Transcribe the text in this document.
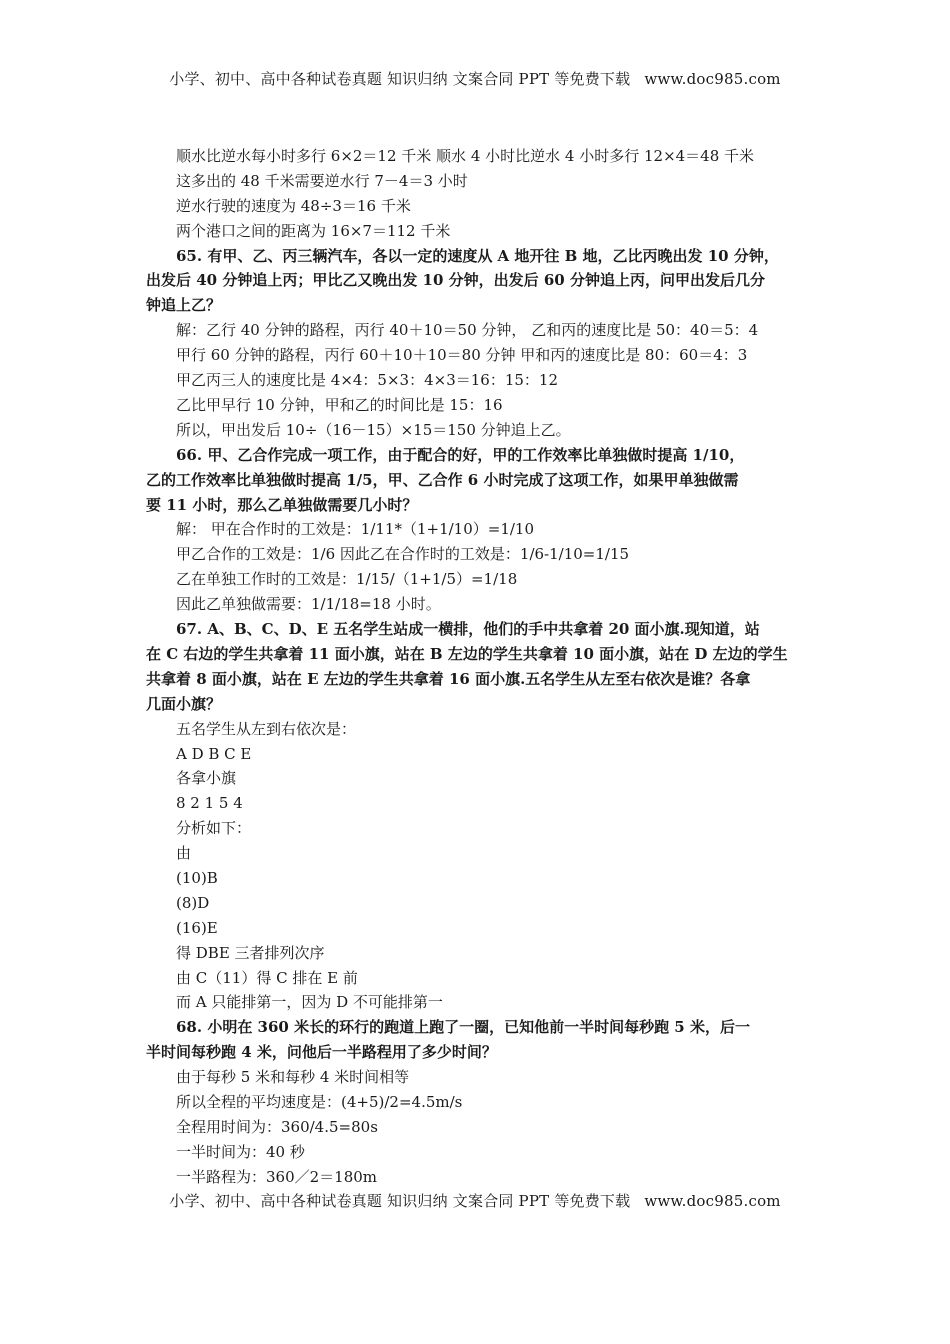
小学、初中、高中各种试卷真题 知识归纳 文案合同 PPT 等免费下载 www.doc985.com
顺水比逆水每小时多行 6×2＝12 千米 顺水 4 小时比逆水 4 小时多行 12×4＝48 千米
这多出的 48 千米需要逆水行 7－4＝3 小时
逆水行驶的速度为 48÷3＝16 千米
两个港口之间的距离为 16×7＝112 千米
65. 有甲、乙、丙三辆汽车，各以一定的速度从 A 地开往 B 地，乙比丙晚出发 10 分钟，
出发后 40 分钟追上丙；甲比乙又晚出发 10 分钟，出发后 60 分钟追上丙，问甲出发后几分
钟追上乙？
解：乙行 40 分钟的路程，丙行 40＋10＝50 分钟， 乙和丙的速度比是 50：40＝5：4
甲行 60 分钟的路程，丙行 60＋10＋10＝80 分钟 甲和丙的速度比是 80：60＝4：3
甲乙丙三人的速度比是 4×4：5×3：4×3＝16：15：12
乙比甲早行 10 分钟，甲和乙的时间比是 15：16
所以，甲出发后 10÷（16－15）×15＝150 分钟追上乙。
66. 甲、乙合作完成一项工作，由于配合的好，甲的工作效率比单独做时提高 1/10，
乙的工作效率比单独做时提高 1/5，甲、乙合作 6 小时完成了这项工作，如果甲单独做需
要 11 小时，那么乙单独做需要几小时？
解： 甲在合作时的工效是：1/11*（1+1/10）=1/10
甲乙合作的工效是：1/6 因此乙在合作时的工效是：1/6-1/10=1/15
乙在单独工作时的工效是：1/15/（1+1/5）=1/18
因此乙单独做需要：1/1/18=18 小时。
67. A、B、C、D、E 五名学生站成一横排，他们的手中共拿着 20 面小旗.现知道，站
在 C 右边的学生共拿着 11 面小旗，站在 B 左边的学生共拿着 10 面小旗，站在 D 左边的学生
共拿着 8 面小旗，站在 E 左边的学生共拿着 16 面小旗.五名学生从左至右依次是谁？各拿
几面小旗？
五名学生从左到右依次是：
A D B C E
各拿小旗
8 2 1 5 4
分析如下：
由
(10)B
(8)D
(16)E
得 DBE 三者排列次序
由 C（11）得 C 排在 E 前
而 A 只能排第一，因为 D 不可能排第一
68. 小明在 360 米长的环行的跑道上跑了一圈，已知他前一半时间每秒跑 5 米，后一
半时间每秒跑 4 米，问他后一半路程用了多少时间？
由于每秒 5 米和每秒 4 米时间相等
所以全程的平均速度是：(4+5)/2=4.5m/s
全程用时间为：360/4.5=80s
一半时间为：40 秒
一半路程为：360／2＝180m
小学、初中、高中各种试卷真题 知识归纳 文案合同 PPT 等免费下载 www.doc985.com
